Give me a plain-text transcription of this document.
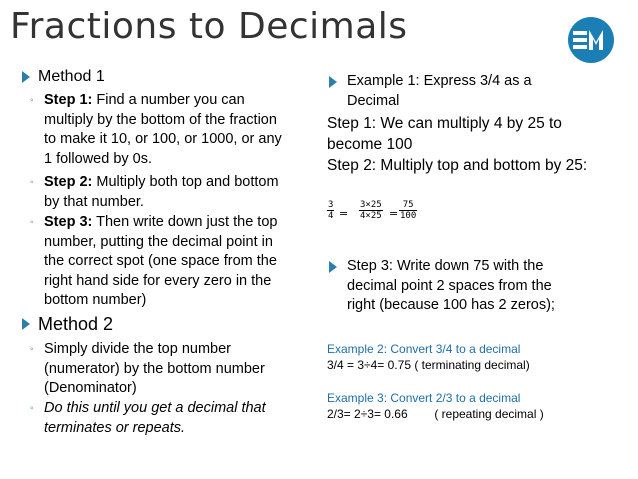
Fractions to Decimals
Method 1
◦ Step 1: Find a number you can
multiply by the bottom of the fraction
to make it 10, or 100, or 1000, or any
1 followed by 0s.
◦ Step 2: Multiply both top and bottom
by that number.
◦ Step 3: Then write down just the top
number, putting the decimal point in
the correct spot (one space from the
right hand side for every zero in the
bottom number)
Method 2
◦ Simply divide the top number
(numerator) by the bottom number
(Denominator)
◦ Do this until you get a decimal that
terminates or repeats.
Example 1: Express 3/4 as a
Decimal
Step 1: We can multiply 4 by 25 to
become 100
Step 2: Multiply top and bottom by 25:
$\frac{3}{4} = \frac{3\times 25}{4\times 25} = \frac{75}{100}$
Step 3: Write down 75 with the
decimal point 2 spaces from the
right (because 100 has 2 zeros);
Example 2: Convert 3/4 to a decimal
3/4 = 3÷4= 0.75 ( terminating decimal)
Example 3: Convert 2/3 to a decimal
2/3= 2÷3= 0.66        ( repeating decimal )
